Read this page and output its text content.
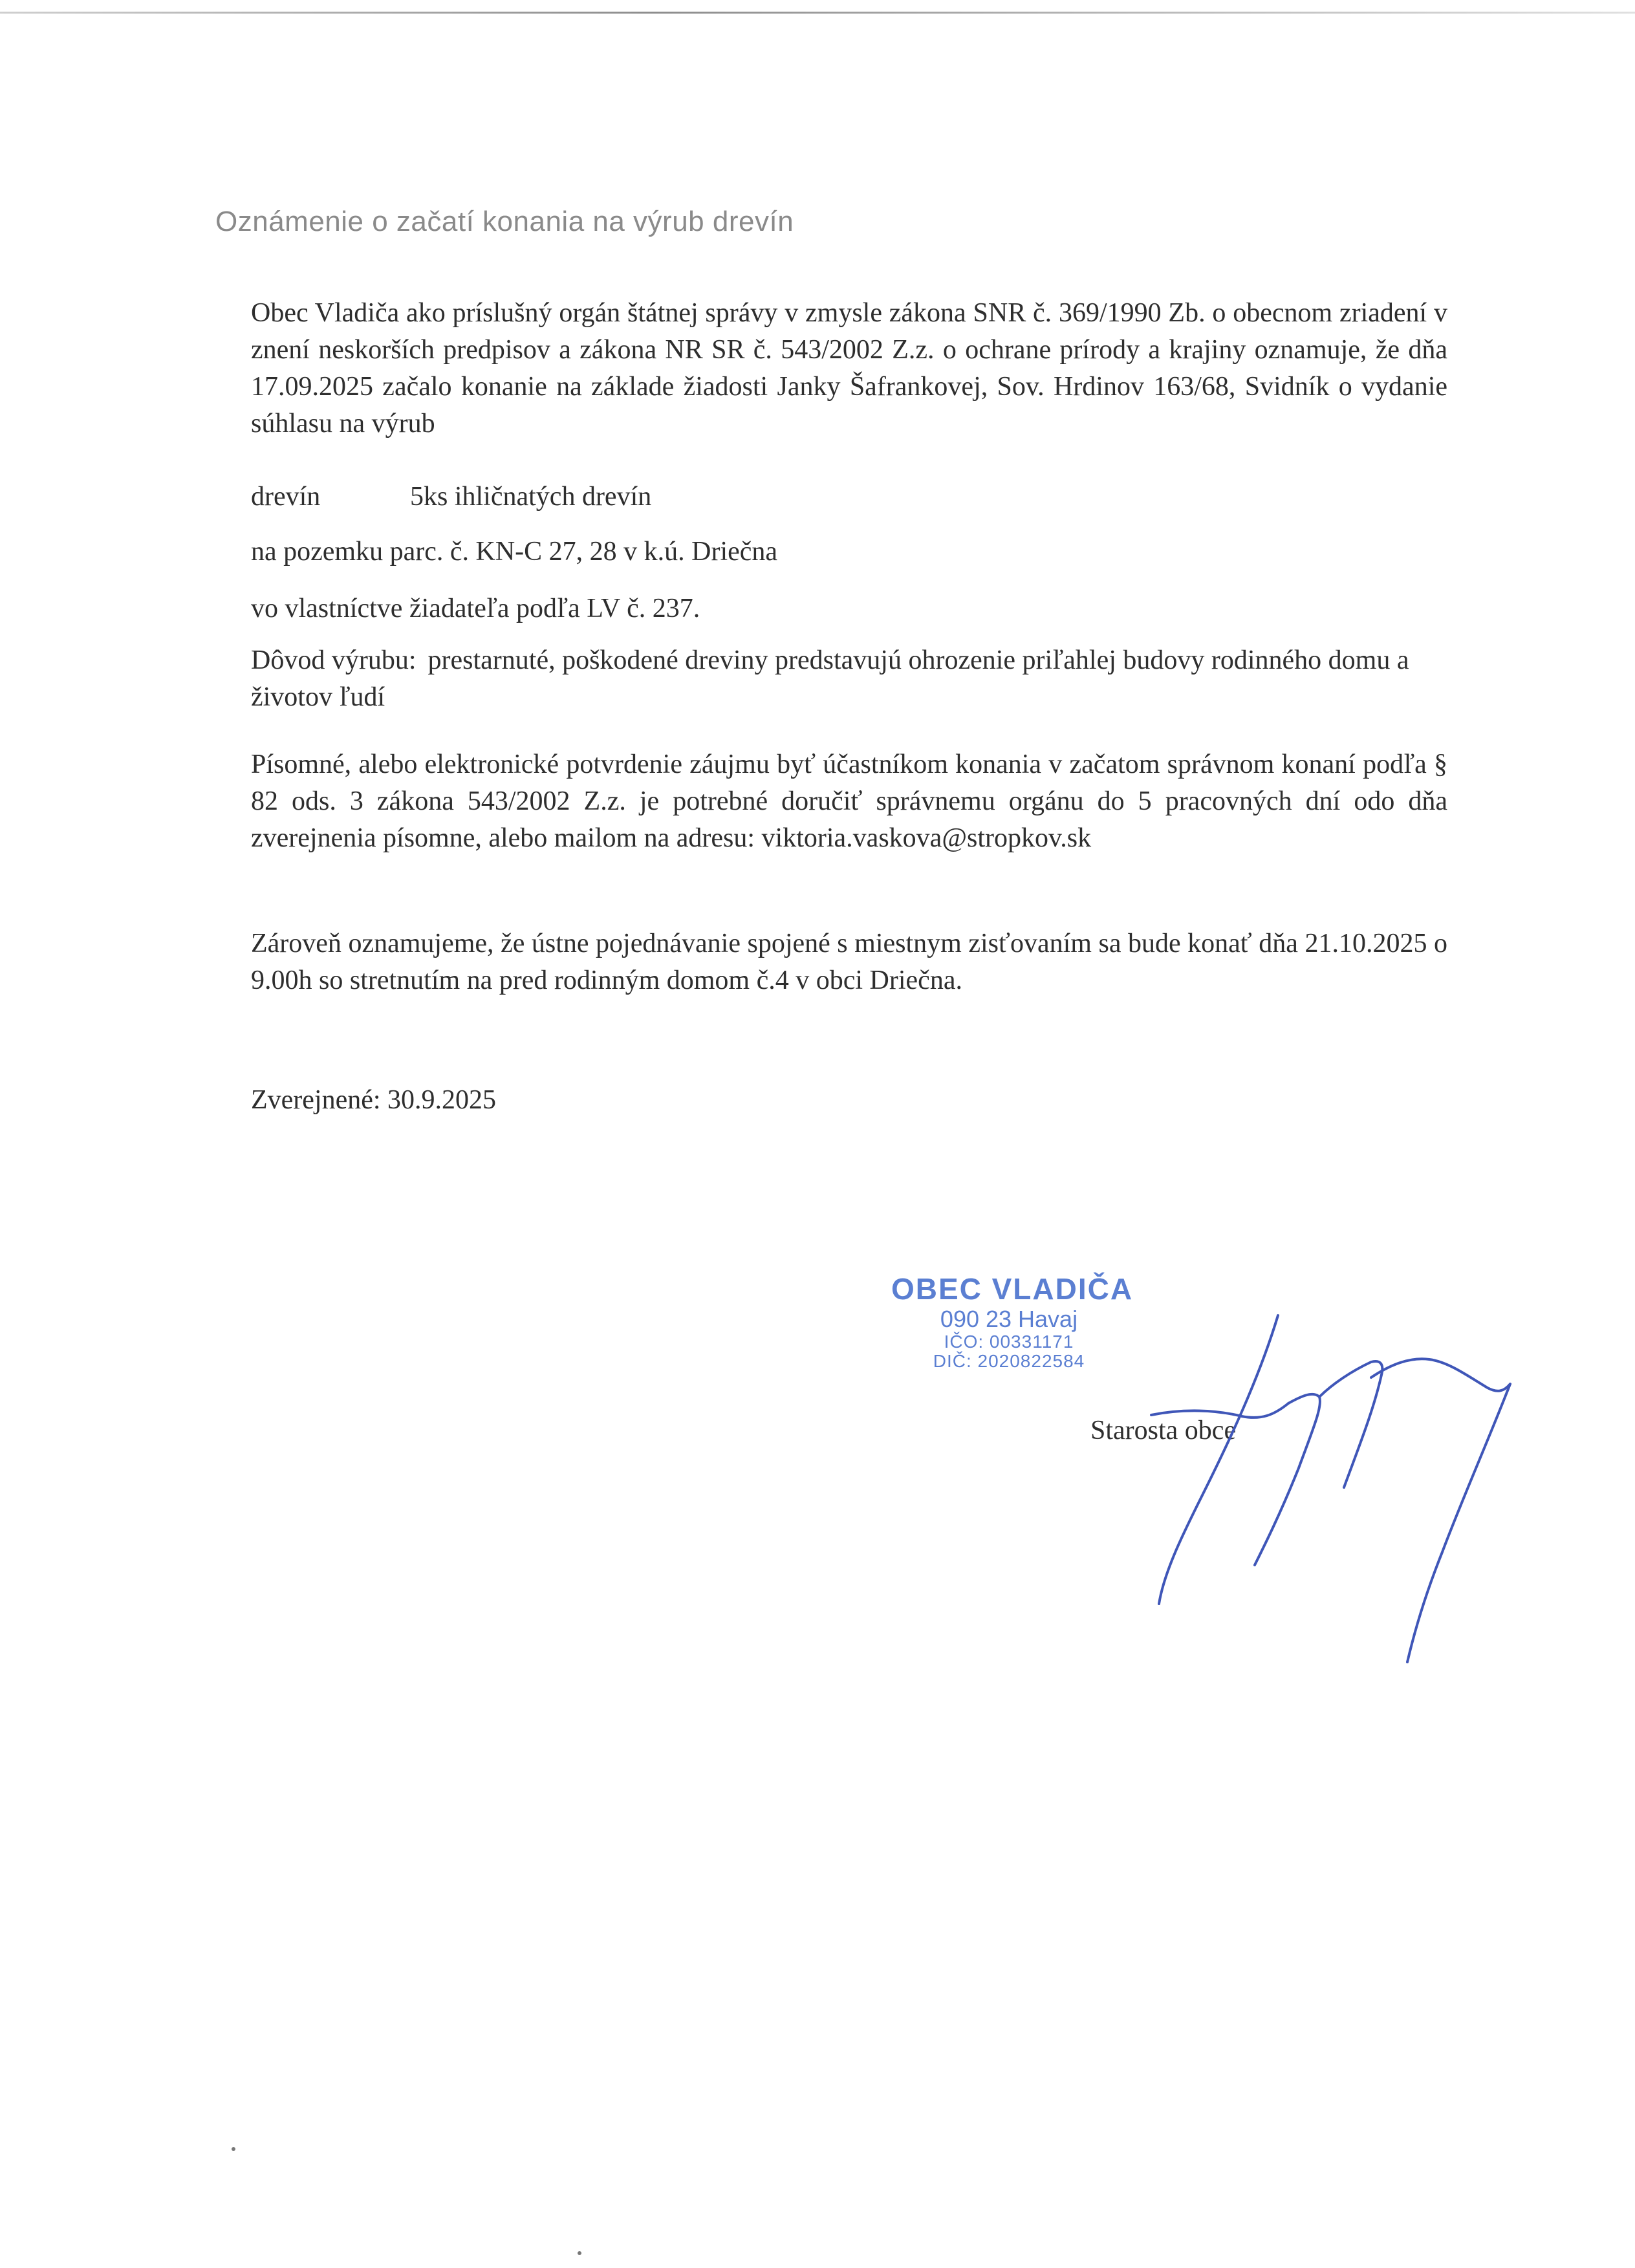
Oznámenie o začatí konania na výrub drevín

Obec Vladiča ako príslušný orgán štátnej správy v zmysle zákona SNR č. 369/1990 Zb. o obecnom zriadení v znení neskorších predpisov a zákona NR SR č. 543/2002 Z.z. o ochrane prírody a krajiny oznamuje, že dňa 17.09.2025 začalo konanie na základe žiadosti Janky Šafrankovej, Sov. Hrdinov 163/68, Svidník o vydanie súhlasu na výrub

drevín	5ks ihličnatých drevín

na pozemku parc. č. KN-C 27, 28 v k.ú. Driečna

vo vlastníctve žiadateľa podľa LV č. 237.

Dôvod výrubu: prestarnuté, poškodené dreviny predstavujú ohrozenie priľahlej budovy rodinného domu a životov ľudí

Písomné, alebo elektronické potvrdenie záujmu byť účastníkom konania v začatom správnom konaní podľa § 82 ods. 3 zákona 543/2002 Z.z. je potrebné doručiť správnemu orgánu do 5 pracovných dní odo dňa zverejnenia písomne, alebo mailom na adresu: viktoria.vaskova@stropkov.sk

Zároveň oznamujeme, že ústne pojednávanie spojené s miestnym zisťovaním sa bude konať dňa 21.10.2025 o 9.00h so stretnutím na pred rodinným domom č.4 v obci Driečna.

Zverejnené: 30.9.2025

OBEC VLADIČA
090 23 Havaj
IČO: 00331171
DIČ: 2020822584
Starosta obce
